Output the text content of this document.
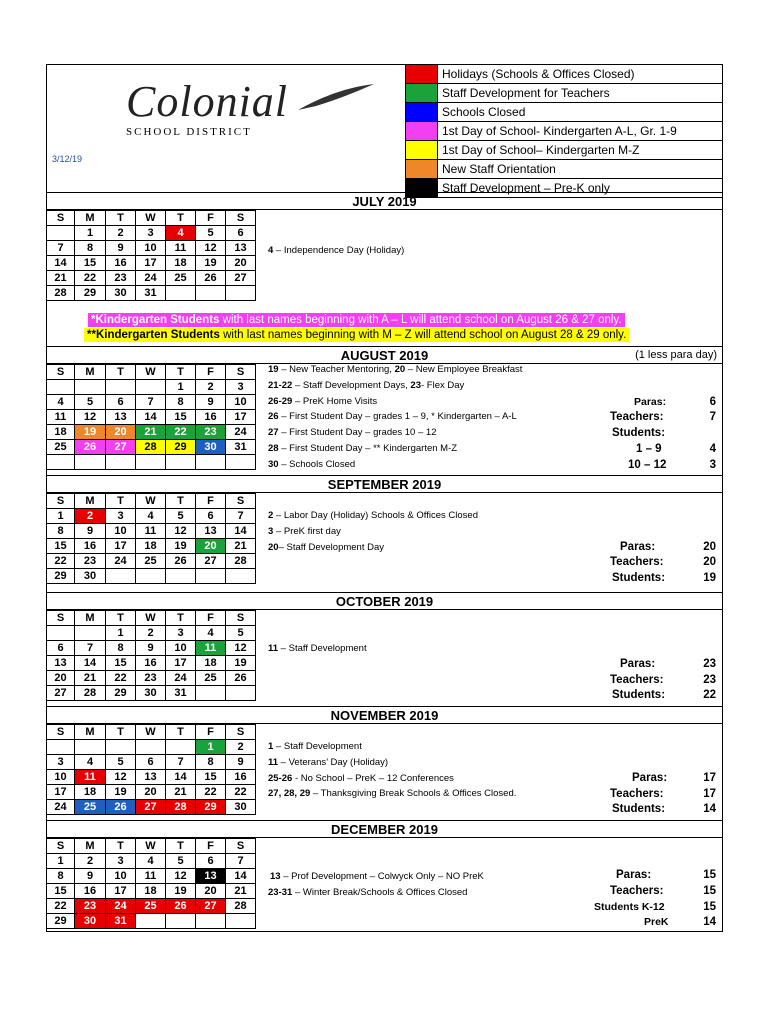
Colonial
SCHOOL DISTRICT
3/12/19
Holidays (Schools & Offices Closed)
Staff Development for Teachers
Schools Closed
1st Day of School- Kindergarten A-L, Gr. 1-9
1st Day of School– Kindergarten M-Z
New Staff Orientation
Staff Development – Pre-K only
JULY 2019
S	M	T	W	T	F	S
	1	2	3	4	5	6
7	8	9	10	11	12	13
14	15	16	17	18	19	20
21	22	23	24	25	26	27
28	29	30	31			
4 – Independence Day (Holiday)
*Kindergarten Students with last names beginning with A – L will attend school on August 26 & 27 only.
**Kindergarten Students with last names beginning with M – Z will attend school on August 28 & 29 only.
AUGUST 2019	(1 less para day)
S	M	T	W	T	F	S
				1	2	3
4	5	6	7	8	9	10
11	12	13	14	15	16	17
18	19	20	21	22	23	24
25	26	27	28	29	30	31

19 – New Teacher Mentoring, 20 – New Employee Breakfast
21-22 – Staff Development Days, 23- Flex Day
26-29 – PreK Home Visits
26 – First Student Day – grades 1 – 9, * Kindergarten – A-L
27 – First Student Day – grades 10 – 12
28 – First Student Day – ** Kindergarten M-Z
30 – Schools Closed
Paras:	6
Teachers:	7
Students:
1 – 9	4
10 – 12	3
SEPTEMBER 2019
S	M	T	W	T	F	S
1	2	3	4	5	6	7
8	9	10	11	12	13	14
15	16	17	18	19	20	21
22	23	24	25	26	27	28
29	30					
2 – Labor Day (Holiday) Schools & Offices Closed
3 – PreK first day
20– Staff Development Day	Paras:	20
Teachers:	20
Students:	19
OCTOBER 2019
S	M	T	W	T	F	S
		1	2	3	4	5
6	7	8	9	10	11	12
13	14	15	16	17	18	19
20	21	22	23	24	25	26
27	28	29	30	31		
11 – Staff Development
Paras:	23
Teachers:	23
Students:	22
NOVEMBER 2019
S	M	T	W	T	F	S
					1	2
3	4	5	6	7	8	9
10	11	12	13	14	15	16
17	18	19	20	21	22	22
24	25	26	27	28	29	30
1 – Staff Development
11 – Veterans’ Day (Holiday)
25-26 - No School – PreK – 12 Conferences
27, 28, 29 – Thanksgiving Break Schools & Offices Closed.
Paras:	17
Teachers:	17
Students:	14
DECEMBER 2019
S	M	T	W	T	F	S
1	2	3	4	5	6	7
8	9	10	11	12	13	14
15	16	17	18	19	20	21
22	23	24	25	26	27	28
29	30	31				
13 – Prof Development – Colwyck Only – NO PreK
23-31 – Winter Break/Schools & Offices Closed
Paras:	15
Teachers:	15
Students K-12	15
PreK	14
